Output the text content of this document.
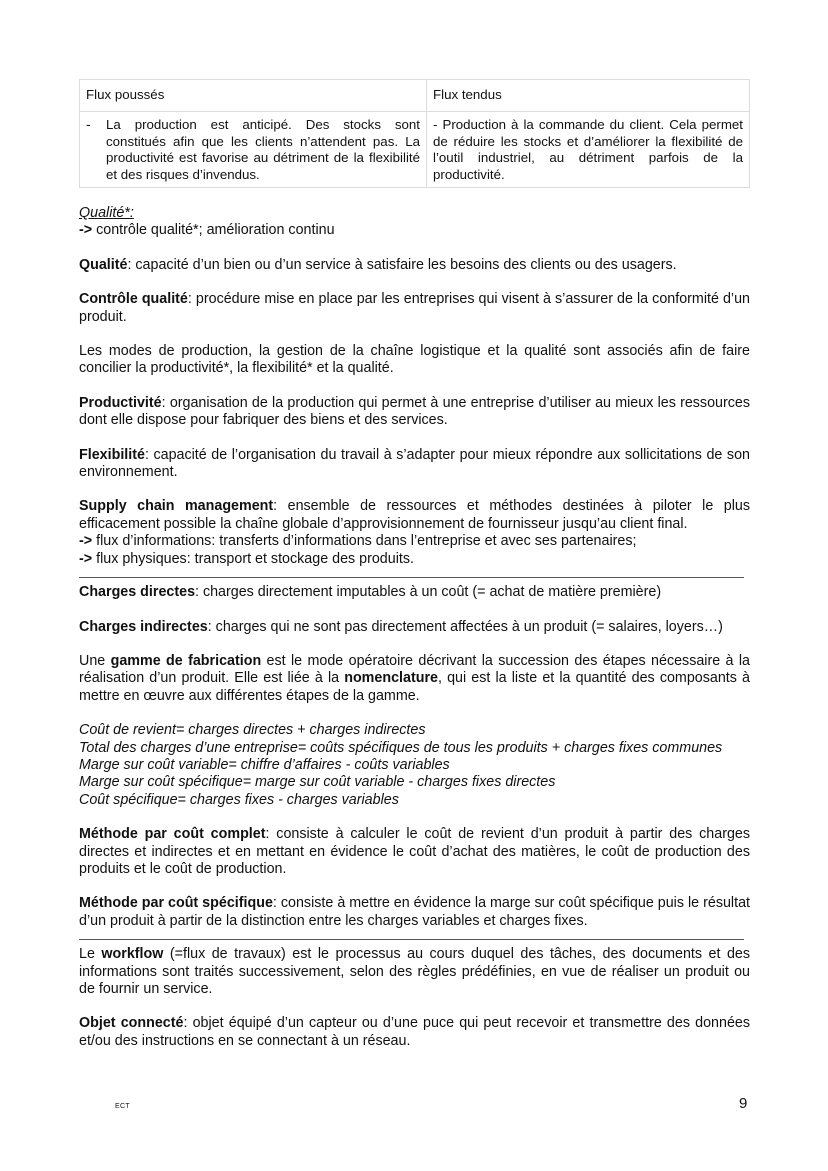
Flux poussés	Flux tendus

- La production est anticipé. Des stocks sont constitués afin que les clients n’attendent pas. La productivité est favorise au détriment de la flexibilité et des risques d’invendus.	- Production à la commande du client. Cela permet de réduire les stocks et d’améliorer la flexibilité de l’outil industriel, au détriment parfois de la productivité.

Qualité*:

-> contrôle qualité*; amélioration continu

Qualité: capacité d’un bien ou d’un service à satisfaire les besoins des clients ou des usagers.

Contrôle qualité: procédure mise en place par les entreprises qui visent à s’assurer de la conformité d’un produit.

Les modes de production, la gestion de la chaîne logistique et la qualité sont associés afin de faire concilier la productivité*, la flexibilité* et la qualité.

Productivité: organisation de la production qui permet à une entreprise d’utiliser au mieux les ressources dont elle dispose pour fabriquer des biens et des services.

Flexibilité: capacité de l’organisation du travail à s’adapter pour mieux répondre aux sollicitations de son environnement.

Supply chain management: ensemble de ressources et méthodes destinées à piloter le plus efficacement possible la chaîne globale d’approvisionnement de fournisseur jusqu’au client final.

-> flux d’informations: transferts d’informations dans l’entreprise et avec ses partenaires;

-> flux physiques: transport et stockage des produits.

Charges directes: charges directement imputables à un coût (= achat de matière première)

Charges indirectes: charges qui ne sont pas directement affectées à un produit (= salaires, loyers…)

Une gamme de fabrication est le mode opératoire décrivant la succession des étapes nécessaire à la réalisation d’un produit. Elle est liée à la nomenclature, qui est la liste et la quantité des composants à mettre en œuvre aux différentes étapes de la gamme.

Coût de revient= charges directes + charges indirectes

Total des charges d’une entreprise= coûts spécifiques de tous les produits + charges fixes communes

Marge sur coût variable= chiffre d’affaires - coûts variables

Marge sur coût spécifique= marge sur coût variable - charges fixes directes

Coût spécifique= charges fixes - charges variables

Méthode par coût complet: consiste à calculer le coût de revient d’un produit à partir des charges directes et indirectes et en mettant en évidence le coût d’achat des matières, le coût de production des produits et le coût de production.

Méthode par coût spécifique: consiste à mettre en évidence la marge sur coût spécifique puis le résultat d’un produit à partir de la distinction entre les charges variables et charges fixes.

Le workflow (=flux de travaux) est le processus au cours duquel des tâches, des documents et des informations sont traités successivement, selon des règles prédéfinies, en vue de réaliser un produit ou de fournir un service.

Objet connecté: objet équipé d’un capteur ou d’une puce qui peut recevoir et transmettre des données et/ou des instructions en se connectant à un réseau.

ECT	9
